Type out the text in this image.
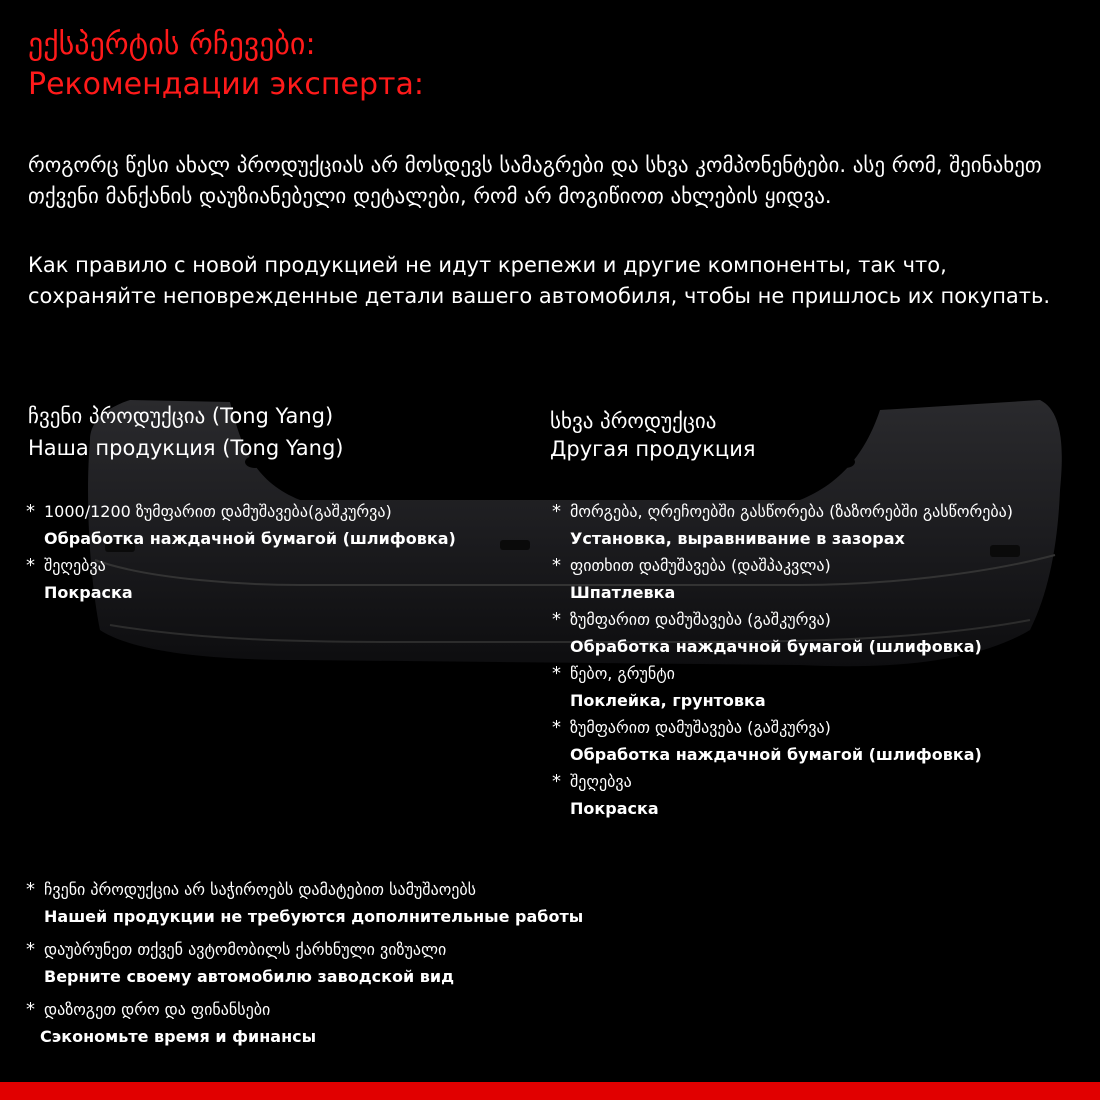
ექსპერტის რჩევები:
Рекомендации эксперта:
როგორც წესი ახალ პროდუქციას არ მოსდევს სამაგრები და სხვა კომპონენტები. ასე რომ, შეინახეთ თქვენი მანქანის დაუზიანებელი დეტალები, რომ არ მოგიწიოთ ახლების ყიდვა.
Как правило с новой продукцией не идут крепежи и другие компоненты, так что, сохраняйте неповрежденные детали вашего автомобиля, чтобы не пришлось их покупать.
ჩვენი პროდუქცია (Tong Yang)
Наша продукция (Tong Yang)
* 1000/1200 ზუმფარით დამუშავება(გაშკურვა)
Обработка наждачной бумагой (шлифовка)
* შეღებვა
Покраска
სხვა პროდუქცია
Другая продукция
* მორგება, ღრეჩოებში გასწორება (ზაზორებში გასწორება)
Установка, выравнивание в зазорах
* ფითხით დამუშავება (დაშპაკვლა)
Шпатлевка
* ზუმფარით დამუშავება (გაშკურვა)
Обработка наждачной бумагой (шлифовка)
* წებო, გრუნტი
Поклейка, грунтовка
* ზუმფარით დამუშავება (გაშკურვა)
Обработка наждачной бумагой (шлифовка)
* შეღებვა
Покраска
* ჩვენი პროდუქცია არ საჭიროებს დამატებით სამუშაოებს
Нашей продукции не требуются дополнительные работы
* დაუბრუნეთ თქვენ ავტომობილს ქარხნული ვიზუალი
Верните своему автомобилю заводской вид
* დაზოგეთ დრო და ფინანსები
Сэкономьте время и финансы
